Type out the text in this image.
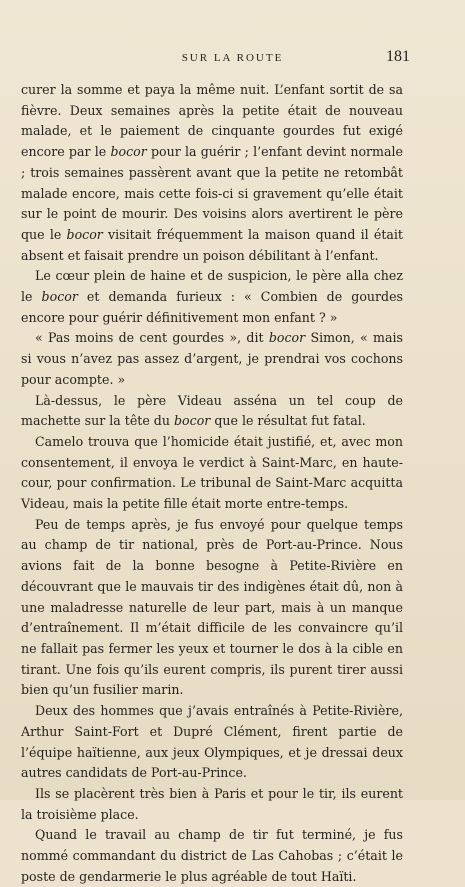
SUR LA ROUTE	181

curer la somme et paya la même nuit. L’enfant sortit de sa fièvre. Deux semaines après la petite était de nouveau malade, et le paiement de cinquante gourdes fut exigé encore par le bocor pour la guérir ; l’enfant devint normale ; trois semaines passèrent avant que la petite ne retombât malade encore, mais cette fois-ci si gravement qu’elle était sur le point de mourir. Des voisins alors avertirent le père que le bocor visitait fréquemment la maison quand il était absent et faisait prendre un poison débilitant à l’enfant.

Le cœur plein de haine et de suspicion, le père alla chez le bocor et demanda furieux : « Combien de gourdes encore pour guérir définitivement mon enfant ? »

« Pas moins de cent gourdes », dit bocor Simon, « mais si vous n’avez pas assez d’argent, je prendrai vos cochons pour acompte. »

Là-dessus, le père Videau asséna un tel coup de machette sur la tête du bocor que le résultat fut fatal.

Camelo trouva que l’homicide était justifié, et, avec mon consentement, il envoya le verdict à Saint-Marc, en haute-cour, pour confirmation. Le tribunal de Saint-Marc acquitta Videau, mais la petite fille était morte entre-temps.

Peu de temps après, je fus envoyé pour quelque temps au champ de tir national, près de Port-au-Prince. Nous avions fait de la bonne besogne à Petite-Rivière en découvrant que le mauvais tir des indigènes était dû, non à une maladresse naturelle de leur part, mais à un manque d’entraînement. Il m’était difficile de les convaincre qu’il ne fallait pas fermer les yeux et tourner le dos à la cible en tirant. Une fois qu’ils eurent compris, ils purent tirer aussi bien qu’un fusilier marin.

Deux des hommes que j’avais entraînés à Petite-Rivière, Arthur Saint-Fort et Dupré Clément, firent partie de l’équipe haïtienne, aux jeux Olympiques, et je dressai deux autres candidats de Port-au-Prince.

Ils se placèrent très bien à Paris et pour le tir, ils eurent la troisième place.

Quand le travail au champ de tir fut terminé, je fus nommé commandant du district de Las Cahobas ; c’était le poste de gendarmerie le plus agréable de tout Haïti.
